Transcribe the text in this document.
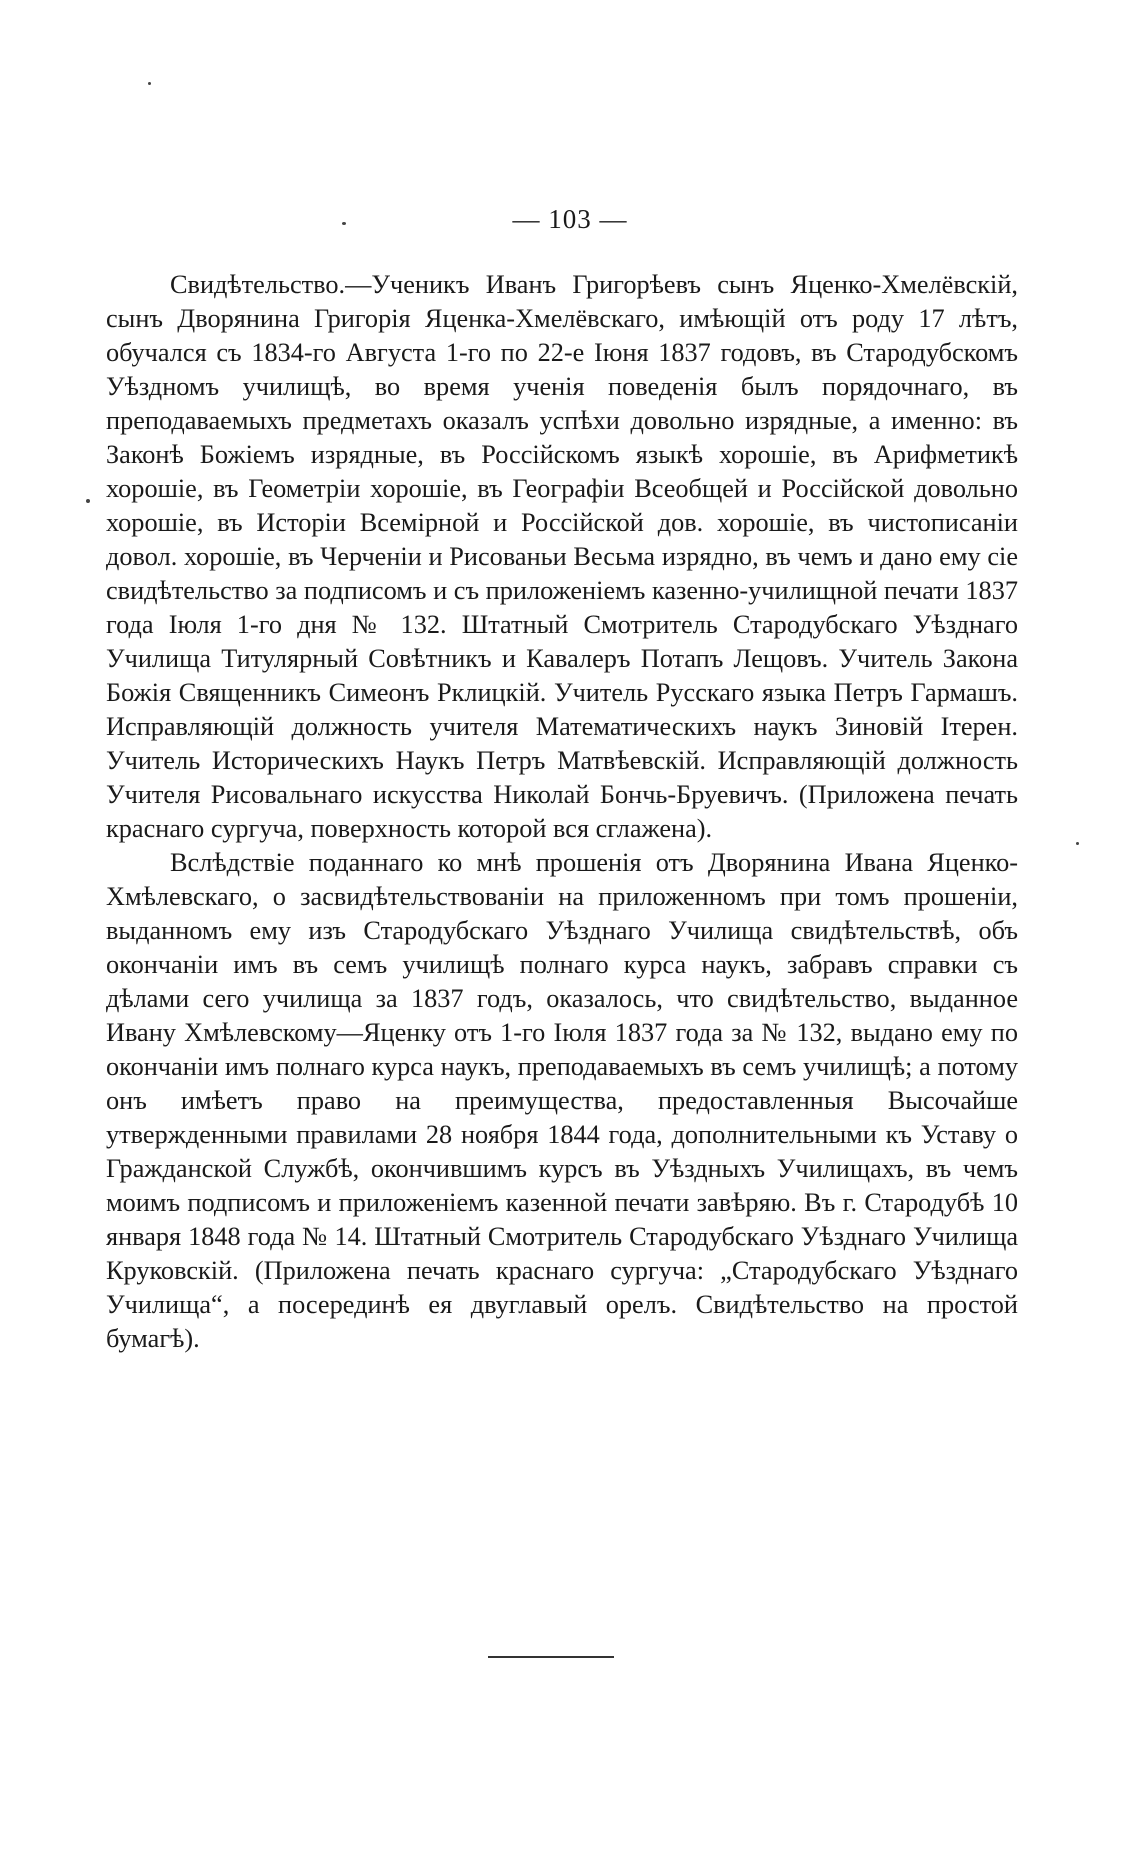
— 103 —

Свидѣтельство.—Ученикъ Иванъ Григорѣевъ сынъ Яценко-Хмелёвскій, сынъ Дворянина Григорія Яценка-Хмелёвскаго, имѣющій отъ роду 17 лѣтъ, обучался съ 1834-го Августа 1-го по 22-е Іюня 1837 годовъ, въ Стародубскомъ Уѣздномъ училищѣ, во время ученія поведенія былъ порядочнаго, въ преподаваемыхъ предметахъ оказалъ успѣхи довольно изрядные, а именно: въ Законѣ Божіемъ изрядные, въ Россійскомъ языкѣ хорошіе, въ Арифметикѣ хорошіе, въ Геометріи хорошіе, въ Географіи Всеобщей и Россійской довольно хорошіе, въ Исторіи Всемірной и Россійской дов. хорошіе, въ чистописаніи довол. хорошіе, въ Черченіи и Рисованьи Весьма изрядно, въ чемъ и дано ему сіе свидѣтельство за подписомъ и съ приложеніемъ казенно-училищной печати 1837 года Іюля 1-го дня № 132. Штатный Смотритель Стародубскаго Уѣзднаго Училища Титулярный Совѣтникъ и Кавалеръ Потапъ Лещовъ. Учитель Закона Божія Священникъ Симеонъ Рклицкій. Учитель Русскаго языка Петръ Гармашъ. Исправляющій должность учителя Математическихъ наукъ Зиновій Ітерен. Учитель Историческихъ Наукъ Петръ Матвѣевскій. Исправляющій должность Учителя Рисовальнаго искусства Николай Бончь-Бруевичъ. (Приложена печать краснаго сургуча, поверхность которой вся сглажена).

Вслѣдствіе поданнаго ко мнѣ прошенія отъ Дворянина Ивана Яценко-Хмѣлевскаго, о засвидѣтельствованіи на приложенномъ при томъ прошеніи, выданномъ ему изъ Стародубскаго Уѣзднаго Училища свидѣтельствѣ, объ окончаніи имъ въ семъ училищѣ полнаго курса наукъ, забравъ справки съ дѣлами сего училища за 1837 годъ, оказалось, что свидѣтельство, выданное Ивану Хмѣлевскому—Яценку отъ 1-го Іюля 1837 года за № 132, выдано ему по окончаніи имъ полнаго курса наукъ, преподаваемыхъ въ семъ училищѣ; а потому онъ имѣетъ право на преимущества, предоставленныя Высочайше утвержденными правилами 28 ноября 1844 года, дополнительными къ Уставу о Гражданской Службѣ, окончившимъ курсъ въ Уѣздныхъ Училищахъ, въ чемъ моимъ подписомъ и приложеніемъ казенной печати завѣряю. Въ г. Стародубѣ 10 января 1848 года № 14. Штатный Смотритель Стародубскаго Уѣзднаго Училища Круковскій. (Приложена печать краснаго сургуча: „Стародубскаго Уѣзднаго Училища“, а посерединѣ ея двуглавый орелъ. Свидѣтельство на простой бумагѣ).
